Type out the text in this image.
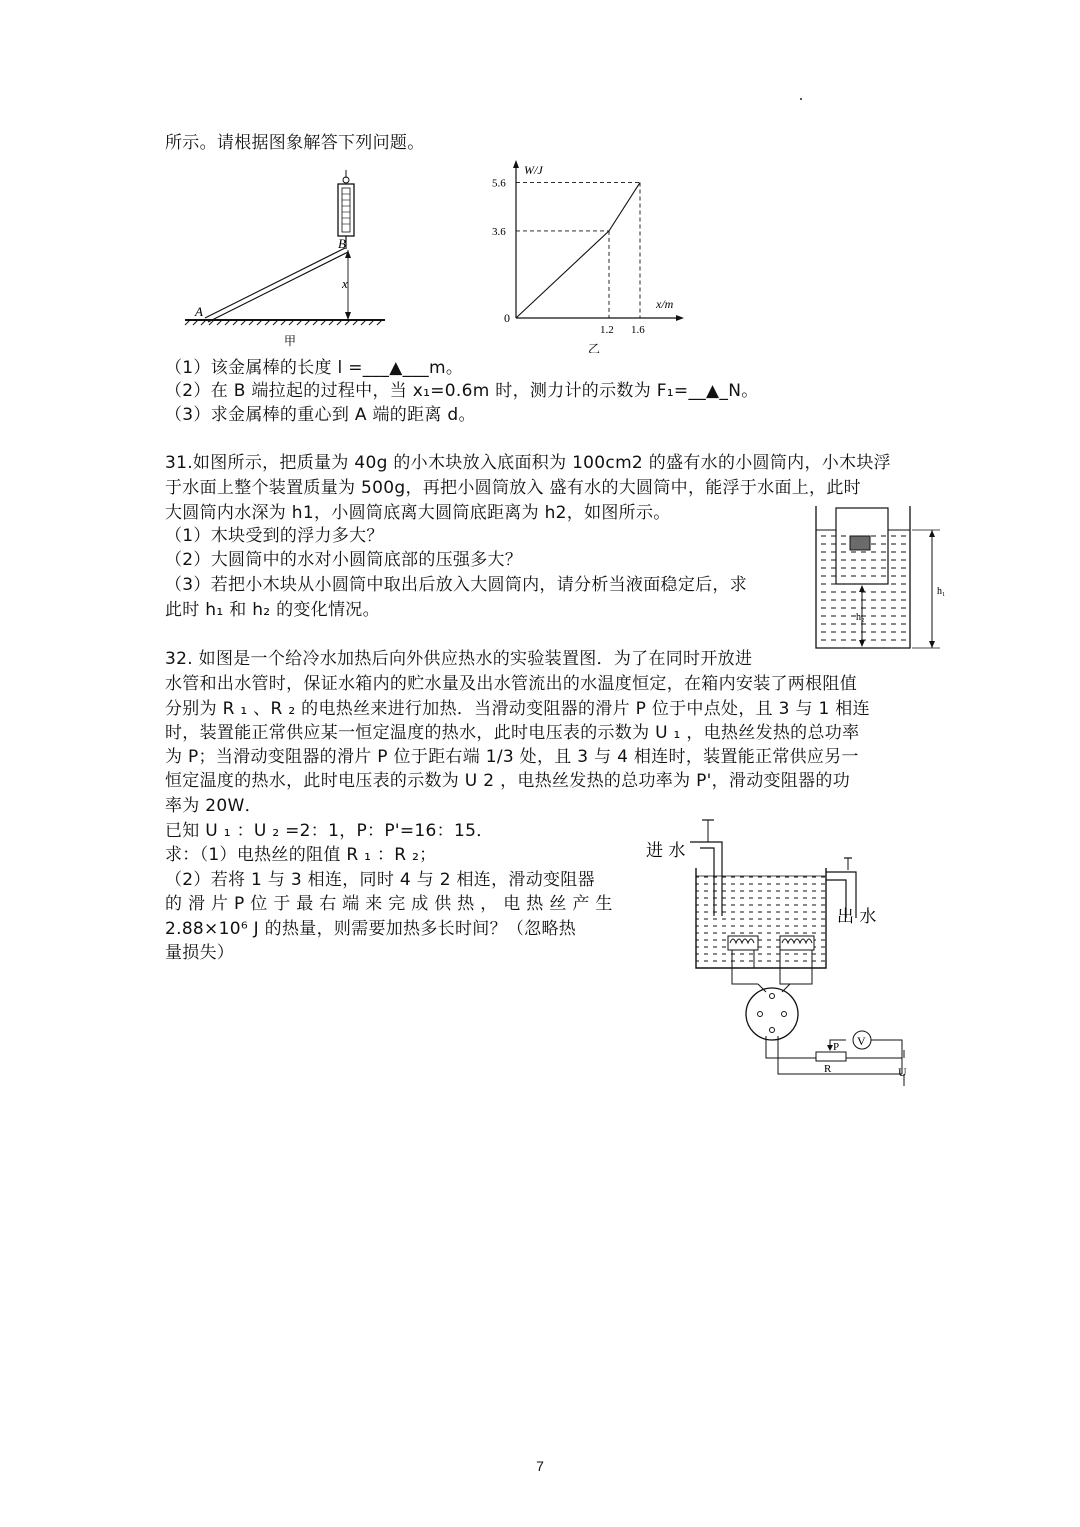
所示。请根据图象解答下列问题。
B
A
x
甲
W/J
x/m
0
乙
1.2 1.6
3.6
5.6
（1）该金属棒的长度 l =___▲___m。
（2）在 B 端拉起的过程中，当 x₁=0.6m 时，测力计的示数为 F₁=__▲_N。
（3）求金属棒的重心到 A 端的距离 d。
31.如图所示，把质量为 40g 的小木块放入底面积为 100cm2 的盛有水的小圆筒内，小木块浮
于水面上整个装置质量为 500g，再把小圆筒放入 盛有水的大圆筒中，能浮于水面上，此时
大圆筒内水深为 h1，小圆筒底离大圆筒底距离为 h2，如图所示。
（1）木块受到的浮力多大？
（2）大圆筒中的水对小圆筒底部的压强多大？
（3）若把小木块从小圆筒中取出后放入大圆筒内，请分析当液面稳定后，求
此时 h₁ 和 h₂ 的变化情况。	h₂
h₁
32. 如图是一个给冷水加热后向外供应热水的实验装置图．为了在同时开放进
水管和出水管时，保证水箱内的贮水量及出水管流出的水温度恒定，在箱内安装了两根阻值
分别为 R ₁ 、R ₂ 的电热丝来进行加热．当滑动变阻器的滑片 P 位于中点处，且 3 与 1 相连
时，装置能正常供应某一恒定温度的热水，此时电压表的示数为 U ₁ ，电热丝发热的总功率
为 P；当滑动变阻器的滑片 P 位于距右端 1/3 处，且 3 与 4 相连时，装置能正常供应另一
恒定温度的热水，此时电压表的示数为 U 2 ，电热丝发热的总功率为 P'，滑动变阻器的功
率为 20W．
已知 U ₁ ：U ₂ =2：1，P：P'=16：15．
求：（1）电热丝的阻值 R ₁ ：R ₂；
（2）若将 1 与 3 相连，同时 4 与 2 相连，滑动变阻器
的 滑 片 P 位 于 最 右 端 来 完 成 供 热 ， 电 热 丝 产 生
2.88×10⁶ J 的热量，则需要加热多长时间？（忽略热
量损失）
进 水
出 水
V
P
R	U
7
